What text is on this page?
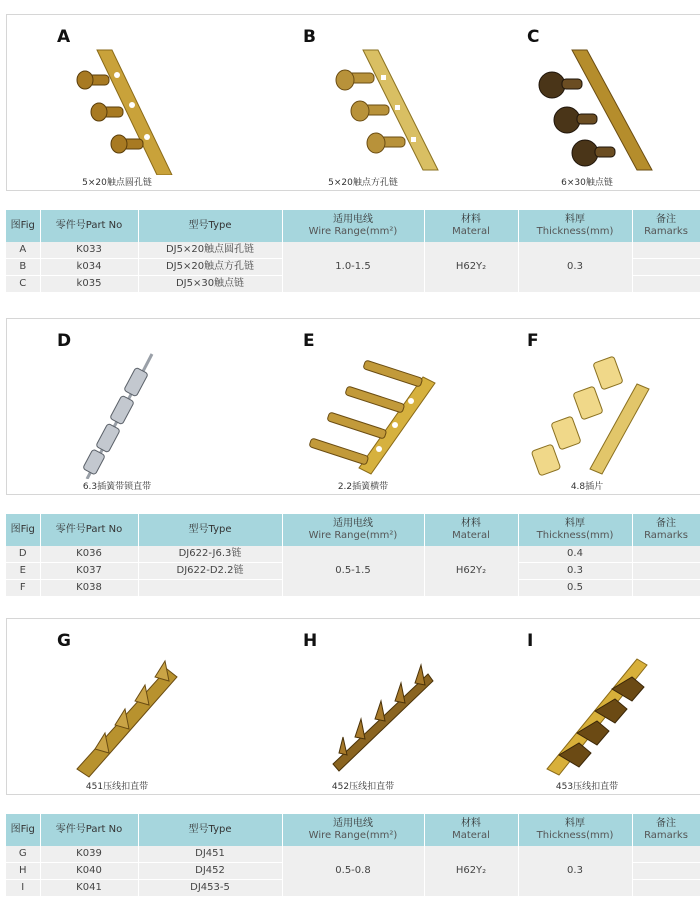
A
5×20触点圆孔链
B
5×20触点方孔链
C
6×30触点链
图Fig	零件号Part No	型号Type	适用电线
Wire Range(mm²)	材料
Materal	料厚
Thickness(mm)	备注
Ramarks

A	K033	DJ5×20触点圆孔链	1.0-1.5	H62Y₂	0.3	
B	k034	DJ5×20触点方孔链				
C	k035	DJ5×30触点链				
D
6.3插簧带锁直带
E
2.2插簧横带
F
4.8插片
图Fig	零件号Part No	型号Type	适用电线
Wire Range(mm²)	材料
Materal	料厚
Thickness(mm)	备注
Ramarks

D	K036	DJ622-J6.3链	0.5-1.5	H62Y₂	0.4	
E	K037	DJ622-D2.2链			0.3	
F	K038				0.5	
G
451压线扣直带
H
452压线扣直带
I
453压线扣直带
图Fig	零件号Part No	型号Type	适用电线
Wire Range(mm²)	材料
Materal	料厚
Thickness(mm)	备注
Ramarks

G	K039	DJ451	0.5-0.8	H62Y₂	0.3	
H	K040	DJ452				
I	K041	DJ453-5				
